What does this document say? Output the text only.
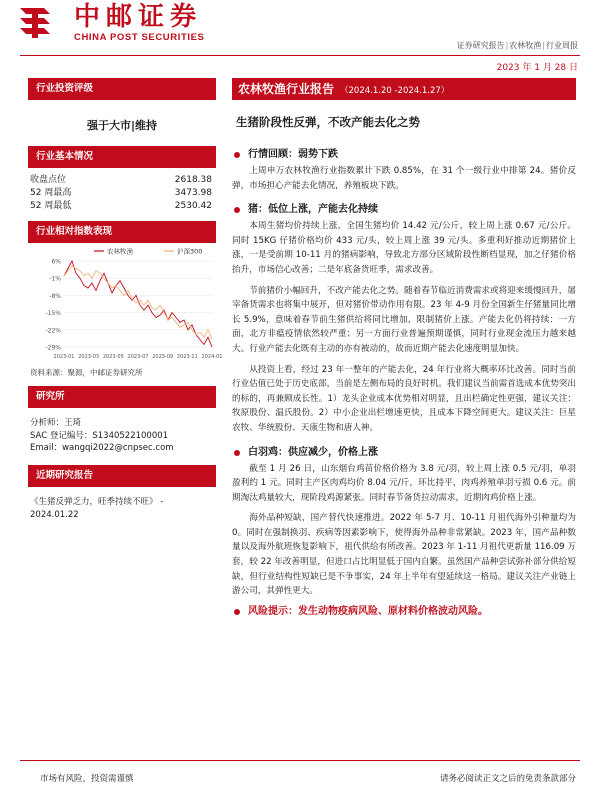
中邮证券
CHINA POST SECURITIES
证券研究报告|农林牧渔|行业周报
2023 年 1 月 28 日
行业投资评级
强于大市|维持
行业基本情况
收盘点位	2618.38
52 周最高	3473.98
52 周最低	2530.42
行业相对指数表现
6%
-1%
-8%
-15%
-22%
-29%
2023-01 2023-03 2023-05 2023-07 2023-09 2023-11 2024-01
农林牧渔	沪深300
资料来源：聚源，中邮证券研究所
研究所
分析师：王琦
SAC 登记编号：S1340522100001
Email：wangqi2022@cnpsec.com
近期研究报告
《生猪反弹乏力，旺季持续不旺》 - 2024.01.22
农林牧渔行业报告 （2024.1.20 -2024.1.27）
生猪阶段性反弹，不改产能去化之势
行情回顾：弱势下跌

上周申万农林牧渔行业指数累计下跌 0.85%，在 31 个一级行业中排第 24。猪价反弹，市场担心产能去化情况，养殖板块下跌。

猪：低位上涨，产能去化持续

本周生猪均价持续上涨，全国生猪均价 14.42 元/公斤，较上周上涨 0.67 元/公斤。同时 15KG 仔猪价格均价 433 元/头，较上周上涨 39 元/头。多重利好推动近期猪价上涨，一是受前期 10-11 月的猪病影响，导致北方部分区域阶段性断档显现，加之仔猪价格抬升，市场信心改善；二是年底备货旺季，需求改善。

节前猪价小幅回升，不改产能去化之势。随着春节临近消费需求或将迎来缓慢回升，屠宰备货需求也将集中展开，但对猪价带动作用有限。23 年 4-9 月份全国新生仔猪量同比增长 5.9%，意味着春节前生猪供给将同比增加，限制猪价上涨。产能去化仍将持续：一方面，北方非瘟疫情依然较严重；另一方面行业普遍预期谨慎，同时行业现金流压力越来越大。行业产能去化既有主动的亦有被动的，故而近期产能去化速度明显加快。

从投资上看，经过 23 年一整年的产能去化，24 年行业将大概率环比改善。同时当前行业估值已处于历史底部，当前是左侧布局的良好时机。我们建议当前需首选成本优势突出的标的，再兼顾成长性。1）龙头企业成本优势相对明显，且出栏确定性更强，建议关注：牧原股份、温氏股份。2）中小企业出栏增速更快，且成本下降空间更大。建议关注：巨星农牧、华统股份、天康生物和唐人神。

白羽鸡：供应减少，价格上涨

截至 1 月 26 日，山东烟台鸡苗价格价格为 3.8 元/羽，较上周上涨 0.5 元/羽，单羽盈利约 1 元。同时主产区肉鸡均价 8.04 元/斤，环比持平，肉鸡养殖单羽亏损 0.6 元。前期淘汰鸡量较大，现阶段鸡源紧张。同时春节备货拉动需求，近期肉鸡价格上涨。

海外品种短缺，国产替代快速推进。2022 年 5-7 月、10-11 月祖代海外引种量均为 0。同时在强制换羽、疾病等因素影响下，使得海外品种非常紧缺。2023 年，国产品种数量以及海外航班恢复影响下，祖代供给有所改善。2023 年 1-11 月祖代更新量 116.09 万套，较 22 年改善明显，但进口占比明显低于国内自繁。虽然国产品种尝试弥补部分供给短缺，但行业结构性短缺已是不争事实，24 年上半年有望延续这一格局。建议关注产业链上游公司，其弹性更大。

风险提示：发生动物疫病风险、原材料价格波动风险。
市场有风险，投资需谨慎	请务必阅读正文之后的免责条款部分
